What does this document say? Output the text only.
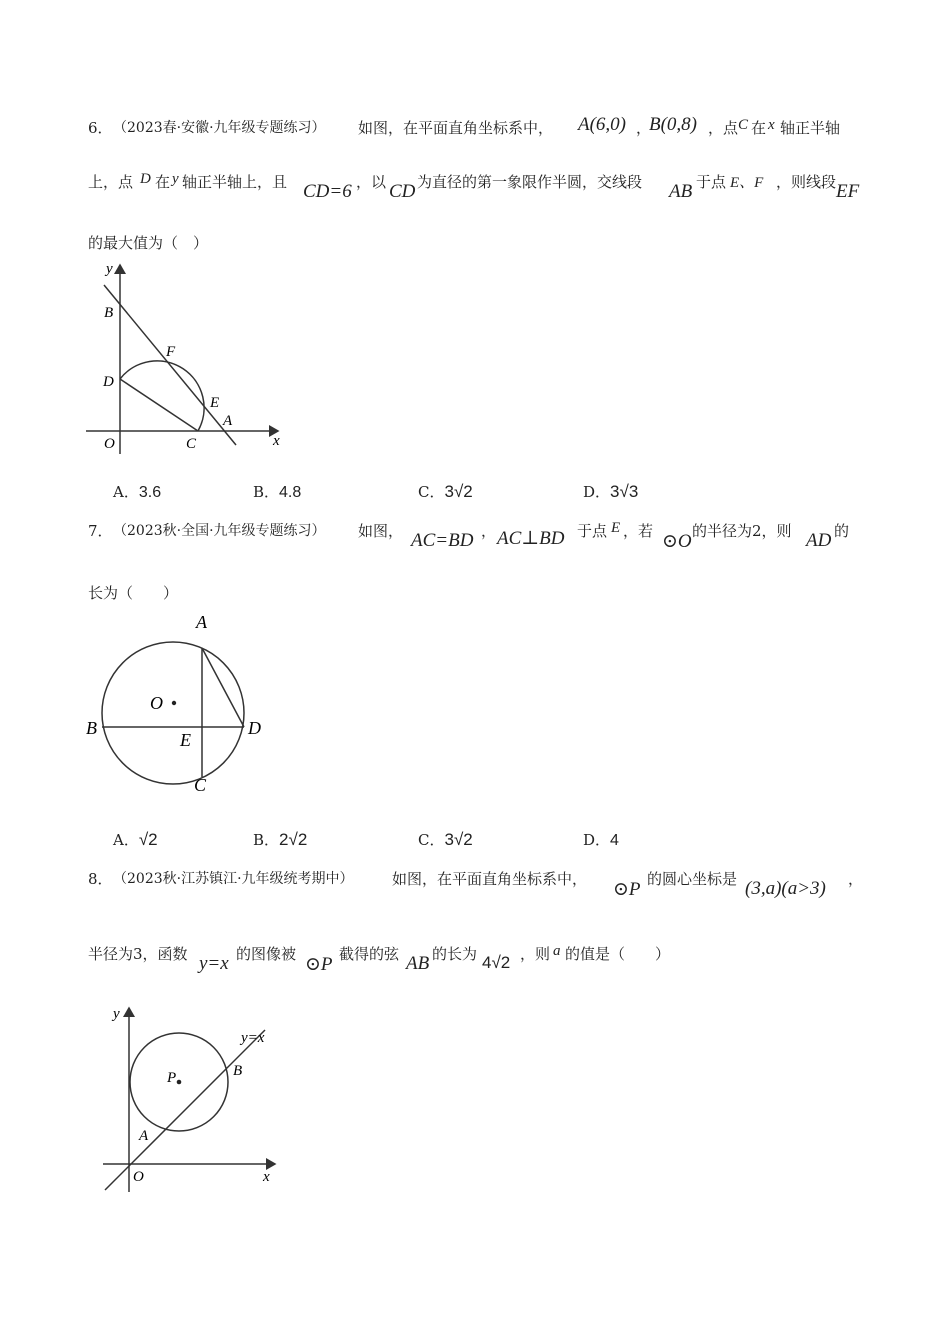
6． （2023春·安徽·九年级专题练习） 如图，在平面直角坐标系中， A(6,0) ，
B(0,8) ，点 C 在 x 轴正半轴
上，点 D 在 y 轴正半轴上，且 CD=6 ，以 CD 为直径的第一象限作半圆，交线段 AB 于点 E、F ，则线段 EF
的最大值为（　）
y
x
B
F
D
E
A
O	C
A．3.6	B．4.8	C．3√2	D．3√3
7． （2023秋·全国·九年级专题练习） 如图， AC=BD ， AC⊥BD 于点 E ，若 ⊙O 的半径为2，则 AD 的
长为（　　）
A
O
B	D
E
C
A．√2	B．2√2	C．3√2	D．4
8． （2023秋·江苏镇江·九年级统考期中）	如图，在平面直角坐标系中， ⊙P 的圆心坐标是 (3,a)(a>3) ，
半径为3，函数 y=x 的图像被 ⊙P 截得的弦 AB 的长为 4√2 ，则 a 的值是（　　）
y
y=x
B
P
A
O	x
